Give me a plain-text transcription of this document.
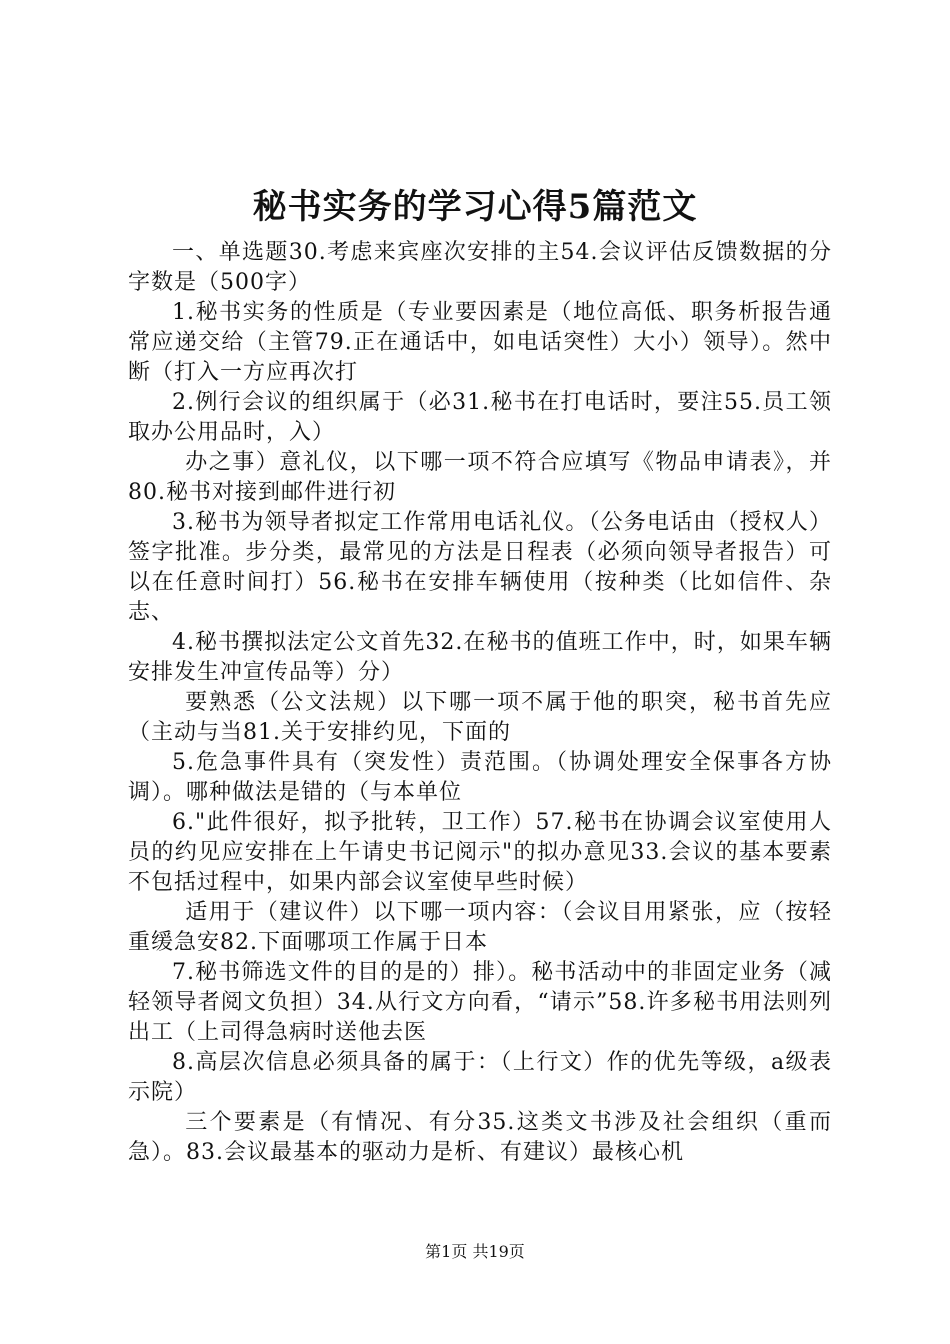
秘书实务的学习心得5篇范文

一、单选题30.考虑来宾座次安排的主54.会议评估反馈数据的分字数是（500字）

1.秘书实务的性质是（专业要因素是（地位高低、职务析报告通常应递交给（主管79.正在通话中，如电话突性）大小）领导）。然中断（打入一方应再次打

2.例行会议的组织属于（必31.秘书在打电话时，要注55.员工领取办公用品时，入）

办之事）意礼仪，以下哪一项不符合应填写《物品申请表》，并80.秘书对接到邮件进行初

3.秘书为领导者拟定工作常用电话礼仪。（公务电话由（授权人）签字批准。步分类，最常见的方法是日程表（必须向领导者报告）可以在任意时间打）56.秘书在安排车辆使用（按种类（比如信件、杂志、

4.秘书撰拟法定公文首先32.在秘书的值班工作中，时，如果车辆安排发生冲宣传品等）分）

要熟悉（公文法规）以下哪一项不属于他的职突，秘书首先应（主动与当81.关于安排约见，下面的

5.危急事件具有（突发性）责范围。（协调处理安全保事各方协调）。哪种做法是错的（与本单位

6."此件很好，拟予批转，卫工作）57.秘书在协调会议室使用人员的约见应安排在上午请史书记阅示"的拟办意见33.会议的基本要素不包括过程中，如果内部会议室使早些时候）

适用于（建议件）以下哪一项内容：（会议目用紧张，应（按轻重缓急安82.下面哪项工作属于日本

7.秘书筛选文件的目的是的）排）。秘书活动中的非固定业务（减轻领导者阅文负担）34.从行文方向看，“请示”58.许多秘书用法则列出工（上司得急病时送他去医

8.高层次信息必须具备的属于：（上行文）作的优先等级，a级表示院）

三个要素是（有情况、有分35.这类文书涉及社会组织（重而急）。83.会议最基本的驱动力是析、有建议）最核心机

第1页 共19页
